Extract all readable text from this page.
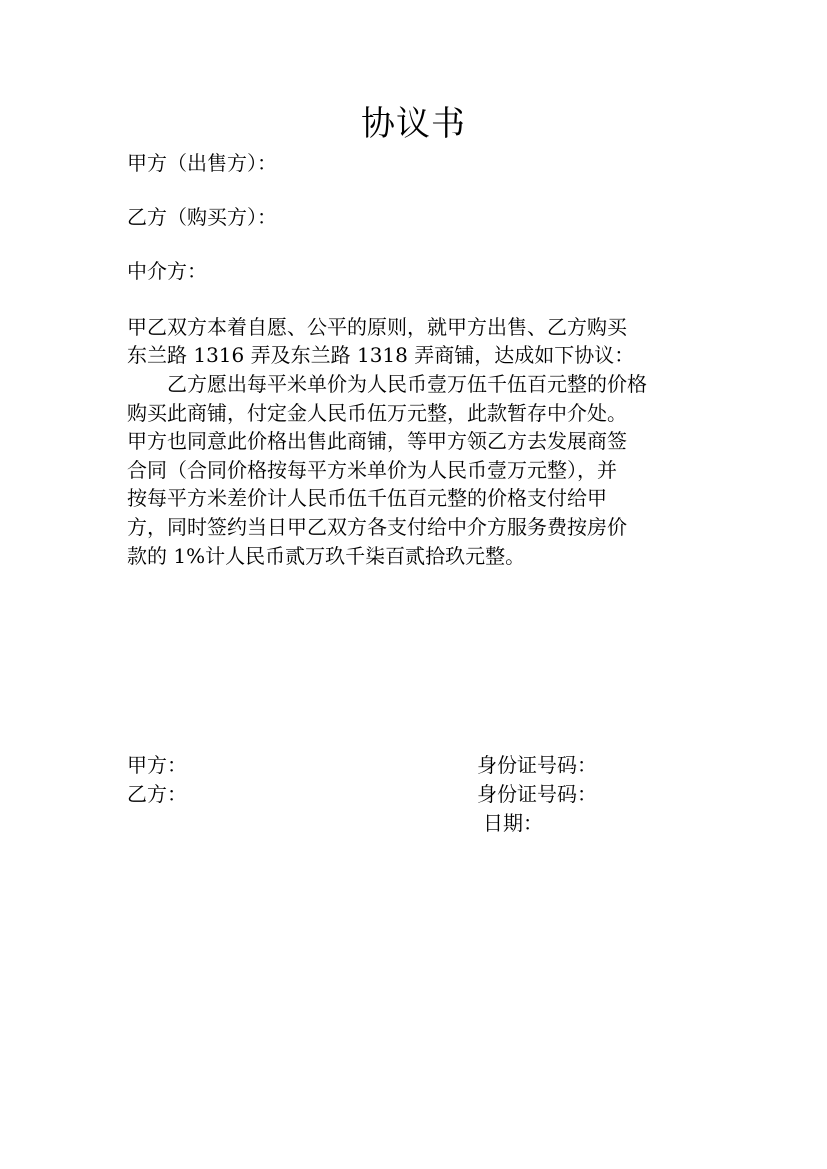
协议书
甲方（出售方）：
乙方（购买方）：
中介方：
甲乙双方本着自愿、公平的原则，就甲方出售、乙方购买
东兰路 1316 弄及东兰路 1318 弄商铺，达成如下协议：
乙方愿出每平米单价为人民币壹万伍千伍百元整的价格
购买此商铺，付定金人民币伍万元整，此款暂存中介处。
甲方也同意此价格出售此商铺，等甲方领乙方去发展商签
合同（合同价格按每平方米单价为人民币壹万元整），并
按每平方米差价计人民币伍千伍百元整的价格支付给甲
方，同时签约当日甲乙双方各支付给中介方服务费按房价
款的 1%计人民币贰万玖千柒百贰拾玖元整。
甲方：	身份证号码：
乙方：	身份证号码：
日期：
